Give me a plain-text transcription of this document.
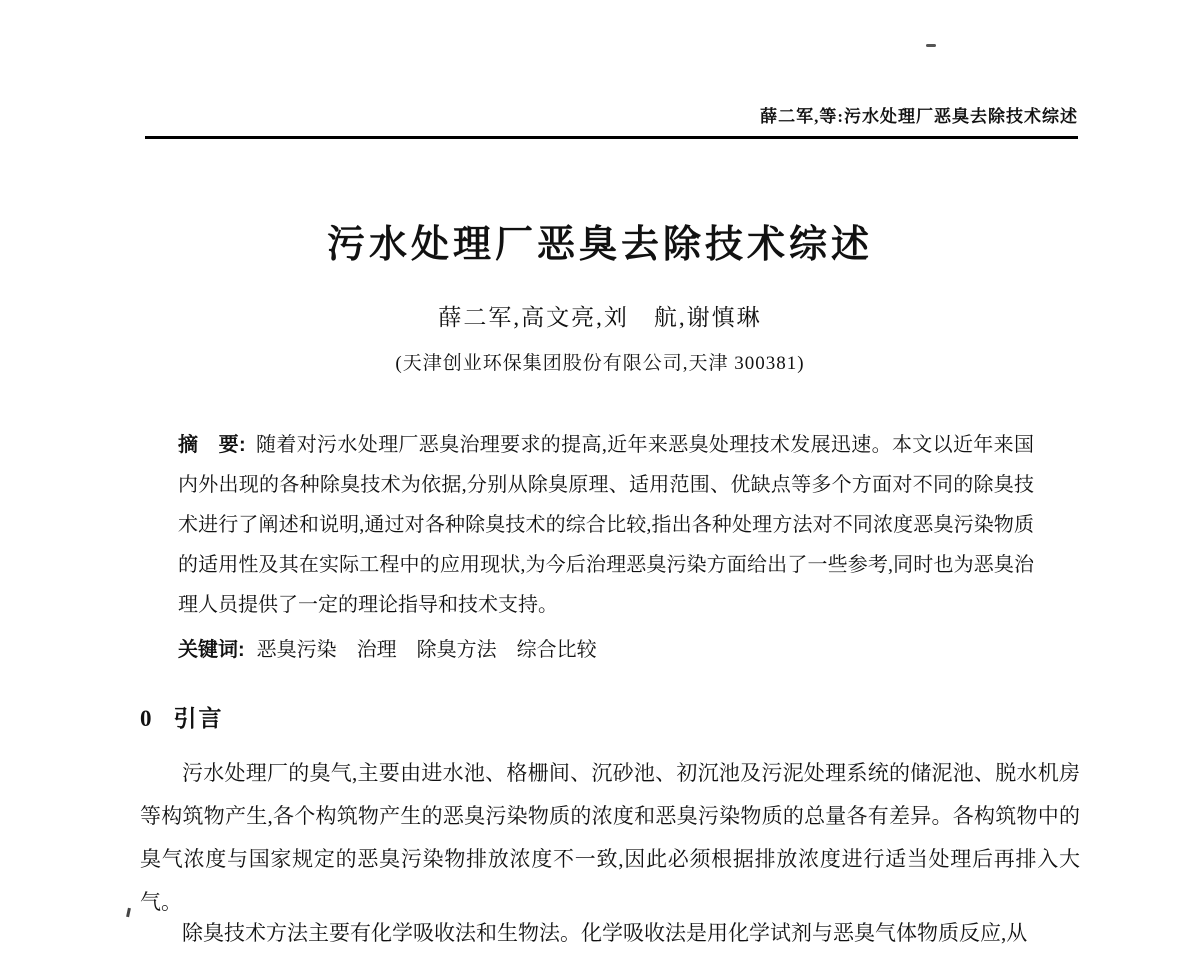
薛二军,等:污水处理厂恶臭去除技术综述
污水处理厂恶臭去除技术综述
薛二军,高文亮,刘　航,谢慎琳
(天津创业环保集团股份有限公司,天津 300381)

摘　要: 随着对污水处理厂恶臭治理要求的提高,近年来恶臭处理技术发展迅速。本文以近年来国内外出现的各种除臭技术为依据,分别从除臭原理、适用范围、优缺点等多个方面对不同的除臭技术进行了阐述和说明,通过对各种除臭技术的综合比较,指出各种处理方法对不同浓度恶臭污染物质的适用性及其在实际工程中的应用现状,为今后治理恶臭污染方面给出了一些参考,同时也为恶臭治理人员提供了一定的理论指导和技术支持。

关键词: 恶臭污染　治理　除臭方法　综合比较

0 引言

污水处理厂的臭气,主要由进水池、格栅间、沉砂池、初沉池及污泥处理系统的储泥池、脱水机房等构筑物产生,各个构筑物产生的恶臭污染物质的浓度和恶臭污染物质的总量各有差异。各构筑物中的臭气浓度与国家规定的恶臭污染物排放浓度不一致,因此必须根据排放浓度进行适当处理后再排入大气。

除臭技术方法主要有化学吸收法和生物法。化学吸收法是用化学试剂与恶臭气体物质反应,从
